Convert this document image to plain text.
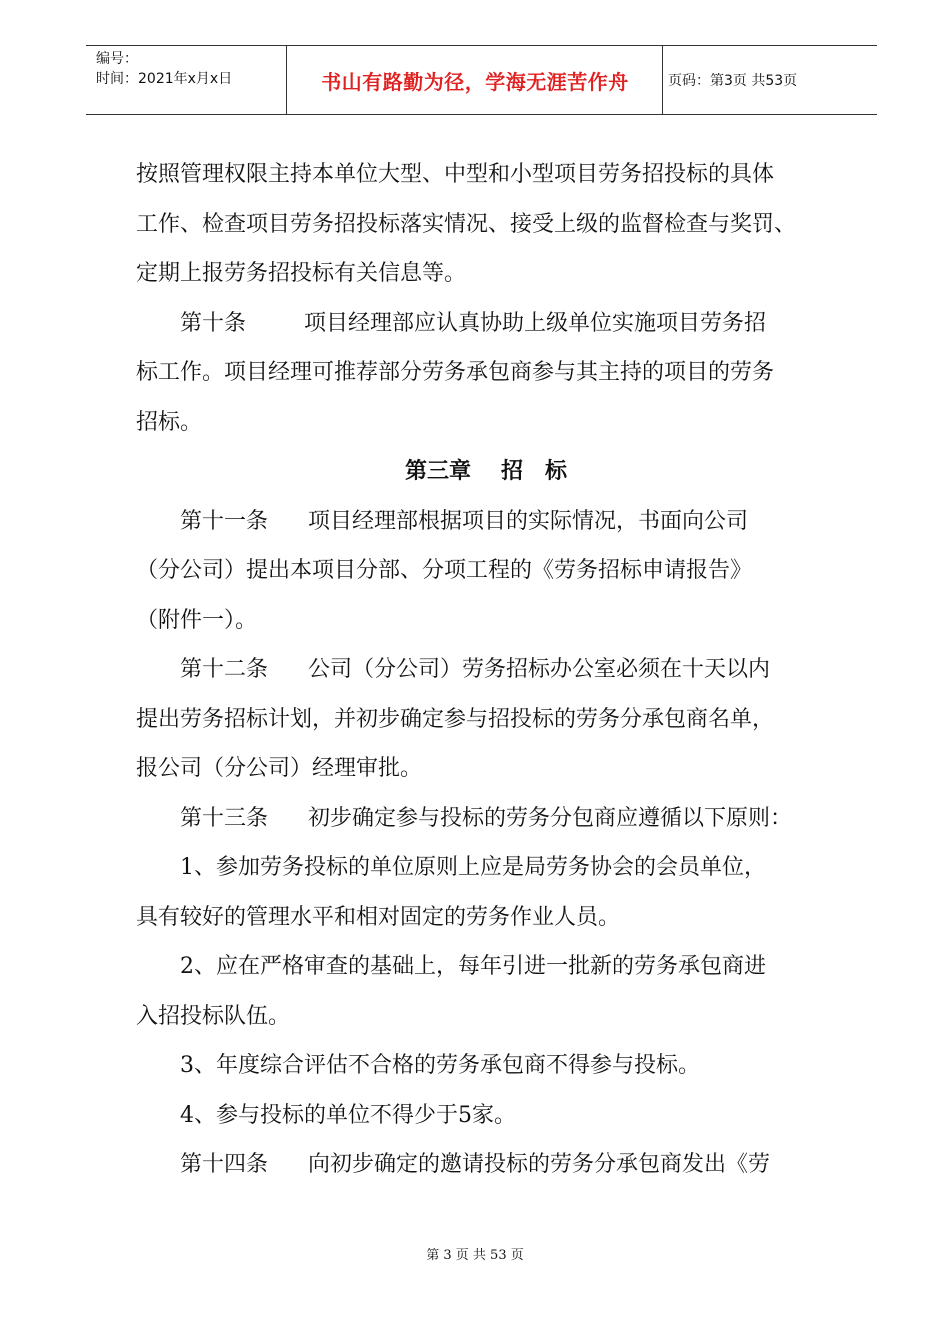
编号：
时间：2021年x月x日	书山有路勤为径，学海无涯苦作舟	页码：第3页 共53页
按照管理权限主持本单位大型、中型和小型项目劳务招投标的具体
工作、检查项目劳务招投标落实情况、接受上级的监督检查与奖罚、
定期上报劳务招投标有关信息等。
第十条	项目经理部应认真协助上级单位实施项目劳务招
标工作。项目经理可推荐部分劳务承包商参与其主持的项目的劳务
招标。
第三章 招 标
第十一条 项目经理部根据项目的实际情况，书面向公司
（分公司）提出本项目分部、分项工程的《劳务招标申请报告》
（附件一）。
第十二条 公司（分公司）劳务招标办公室必须在十天以内
提出劳务招标计划，并初步确定参与招投标的劳务分承包商名单，
报公司（分公司）经理审批。
第十三条 初步确定参与投标的劳务分包商应遵循以下原则：
1、参加劳务投标的单位原则上应是局劳务协会的会员单位，
具有较好的管理水平和相对固定的劳务作业人员。
2、应在严格审查的基础上，每年引进一批新的劳务承包商进
入招投标队伍。
3、年度综合评估不合格的劳务承包商不得参与投标。
4、参与投标的单位不得少于5家。
第十四条 向初步确定的邀请投标的劳务分承包商发出《劳
第 3 页 共 53 页
